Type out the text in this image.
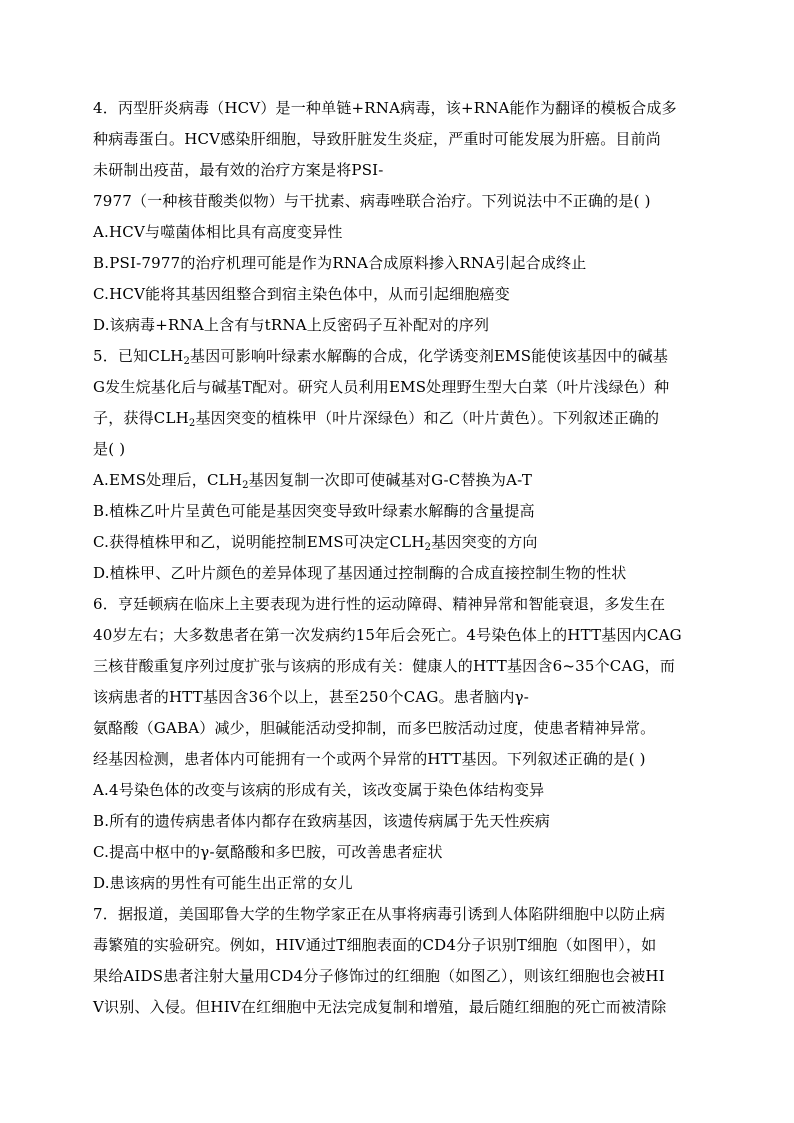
4．丙型肝炎病毒（HCV）是一种单链+RNA病毒，该+RNA能作为翻译的模板合成多
种病毒蛋白。HCV感染肝细胞，导致肝脏发生炎症，严重时可能发展为肝癌。目前尚
未研制出疫苗，最有效的治疗方案是将PSI-
7977（一种核苷酸类似物）与干扰素、病毒唑联合治疗。下列说法中不正确的是( )
A.HCV与噬菌体相比具有高度变异性
B.PSI-7977的治疗机理可能是作为RNA合成原料掺入RNA引起合成终止
C.HCV能将其基因组整合到宿主染色体中，从而引起细胞癌变
D.该病毒+RNA上含有与tRNA上反密码子互补配对的序列
5．已知$CLH_2$基因可影响叶绿素水解酶的合成，化学诱变剂EMS能使该基因中的碱基
G发生烷基化后与碱基T配对。研究人员利用EMS处理野生型大白菜（叶片浅绿色）种
子，获得$CLH_2$基因突变的植株甲（叶片深绿色）和乙（叶片黄色）。下列叙述正确的
是( )
A.EMS处理后，$CLH_2$基因复制一次即可使碱基对G-C替换为A-T
B.植株乙叶片呈黄色可能是基因突变导致叶绿素水解酶的含量提高
C.获得植株甲和乙，说明能控制EMS可决定$CLH_2$基因突变的方向
D.植株甲、乙叶片颜色的差异体现了基因通过控制酶的合成直接控制生物的性状
6．亨廷顿病在临床上主要表现为进行性的运动障碍、精神异常和智能衰退，多发生在
40岁左右；大多数患者在第一次发病约15年后会死亡。4号染色体上的HTT基因内CAG
三核苷酸重复序列过度扩张与该病的形成有关：健康人的HTT基因含6~35个CAG，而
该病患者的HTT基因含36个以上，甚至250个CAG。患者脑内γ-
氨酪酸（GABA）减少，胆碱能活动受抑制，而多巴胺活动过度，使患者精神异常。
经基因检测，患者体内可能拥有一个或两个异常的HTT基因。下列叙述正确的是( )
A.4号染色体的改变与该病的形成有关，该改变属于染色体结构变异
B.所有的遗传病患者体内都存在致病基因，该遗传病属于先天性疾病
C.提高中枢中的γ-氨酪酸和多巴胺，可改善患者症状
D.患该病的男性有可能生出正常的女儿
7．据报道，美国耶鲁大学的生物学家正在从事将病毒引诱到人体陷阱细胞中以防止病
毒繁殖的实验研究。例如，HIV通过T细胞表面的CD4分子识别T细胞（如图甲），如
果给AIDS患者注射大量用CD4分子修饰过的红细胞（如图乙），则该红细胞也会被HI
V识别、入侵。但HIV在红细胞中无法完成复制和增殖，最后随红细胞的死亡而被清除
